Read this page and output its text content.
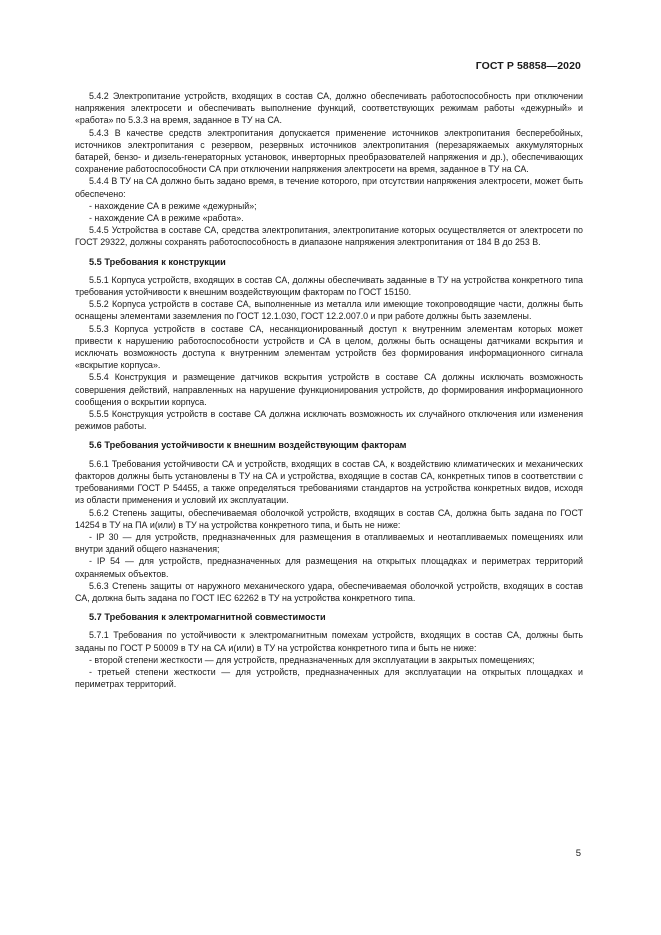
ГОСТ Р 58858—2020

5.4.2 Электропитание устройств, входящих в состав СА, должно обеспечивать работоспособность при отключении напряжения электросети и обеспечивать выполнение функций, соответствующих режимам работы «дежурный» и «работа» по 5.3.3 на время, заданное в ТУ на СА.

5.4.3 В качестве средств электропитания допускается применение источников электропитания бесперебойных, источников электропитания с резервом, резервных источников электропитания (перезаряжаемых аккумуляторных батарей, бензо- и дизель-генераторных установок, инверторных преобразователей напряжения и др.), обеспечивающих сохранение работоспособности СА при отключении напряжения электросети на время, заданное в ТУ на СА.

5.4.4 В ТУ на СА должно быть задано время, в течение которого, при отсутствии напряжения электросети, может быть обеспечено:

- нахождение СА в режиме «дежурный»;

- нахождение СА в режиме «работа».

5.4.5 Устройства в составе СА, средства электропитания, электропитание которых осуществляется от электросети по ГОСТ 29322, должны сохранять работоспособность в диапазоне напряжения электропитания от 184 В до 253 В.

5.5 Требования к конструкции

5.5.1 Корпуса устройств, входящих в состав СА, должны обеспечивать заданные в ТУ на устройства конкретного типа требования устойчивости к внешним воздействующим факторам по ГОСТ 15150.

5.5.2 Корпуса устройств в составе СА, выполненные из металла или имеющие токопроводящие части, должны быть оснащены элементами заземления по ГОСТ 12.1.030, ГОСТ 12.2.007.0 и при работе должны быть заземлены.

5.5.3 Корпуса устройств в составе СА, несанкционированный доступ к внутренним элементам которых может привести к нарушению работоспособности устройств и СА в целом, должны быть оснащены датчиками вскрытия и исключать возможность доступа к внутренним элементам устройств без формирования информационного сигнала «вскрытие корпуса».

5.5.4 Конструкция и размещение датчиков вскрытия устройств в составе СА должны исключать возможность совершения действий, направленных на нарушение функционирования устройств, до формирования информационного сообщения о вскрытии корпуса.

5.5.5 Конструкция устройств в составе СА должна исключать возможность их случайного отключения или изменения режимов работы.

5.6 Требования устойчивости к внешним воздействующим факторам

5.6.1 Требования устойчивости СА и устройств, входящих в состав СА, к воздействию климатических и механических факторов должны быть установлены в ТУ на СА и устройства, входящие в состав СА, конкретных типов в соответствии с требованиями ГОСТ Р 54455, а также определяться требованиями стандартов на устройства конкретных видов, исходя из области применения и условий их эксплуатации.

5.6.2 Степень защиты, обеспечиваемая оболочкой устройств, входящих в состав СА, должна быть задана по ГОСТ 14254 в ТУ на ПА и(или) в ТУ на устройства конкретного типа, и быть не ниже:

- IP 30 — для устройств, предназначенных для размещения в отапливаемых и неотапливаемых помещениях или внутри зданий общего назначения;

- IP 54 — для устройств, предназначенных для размещения на открытых площадках и периметрах территорий охраняемых объектов.

5.6.3 Степень защиты от наружного механического удара, обеспечиваемая оболочкой устройств, входящих в состав СА, должна быть задана по ГОСТ IEC 62262 в ТУ на устройства конкретного типа.

5.7 Требования к электромагнитной совместимости

5.7.1 Требования по устойчивости к электромагнитным помехам устройств, входящих в состав СА, должны быть заданы по ГОСТ Р 50009 в ТУ на СА и(или) в ТУ на устройства конкретного типа и быть не ниже:

- второй степени жесткости — для устройств, предназначенных для эксплуатации в закрытых помещениях;

- третьей степени жесткости — для устройств, предназначенных для эксплуатации на открытых площадках и периметрах территорий.

5
